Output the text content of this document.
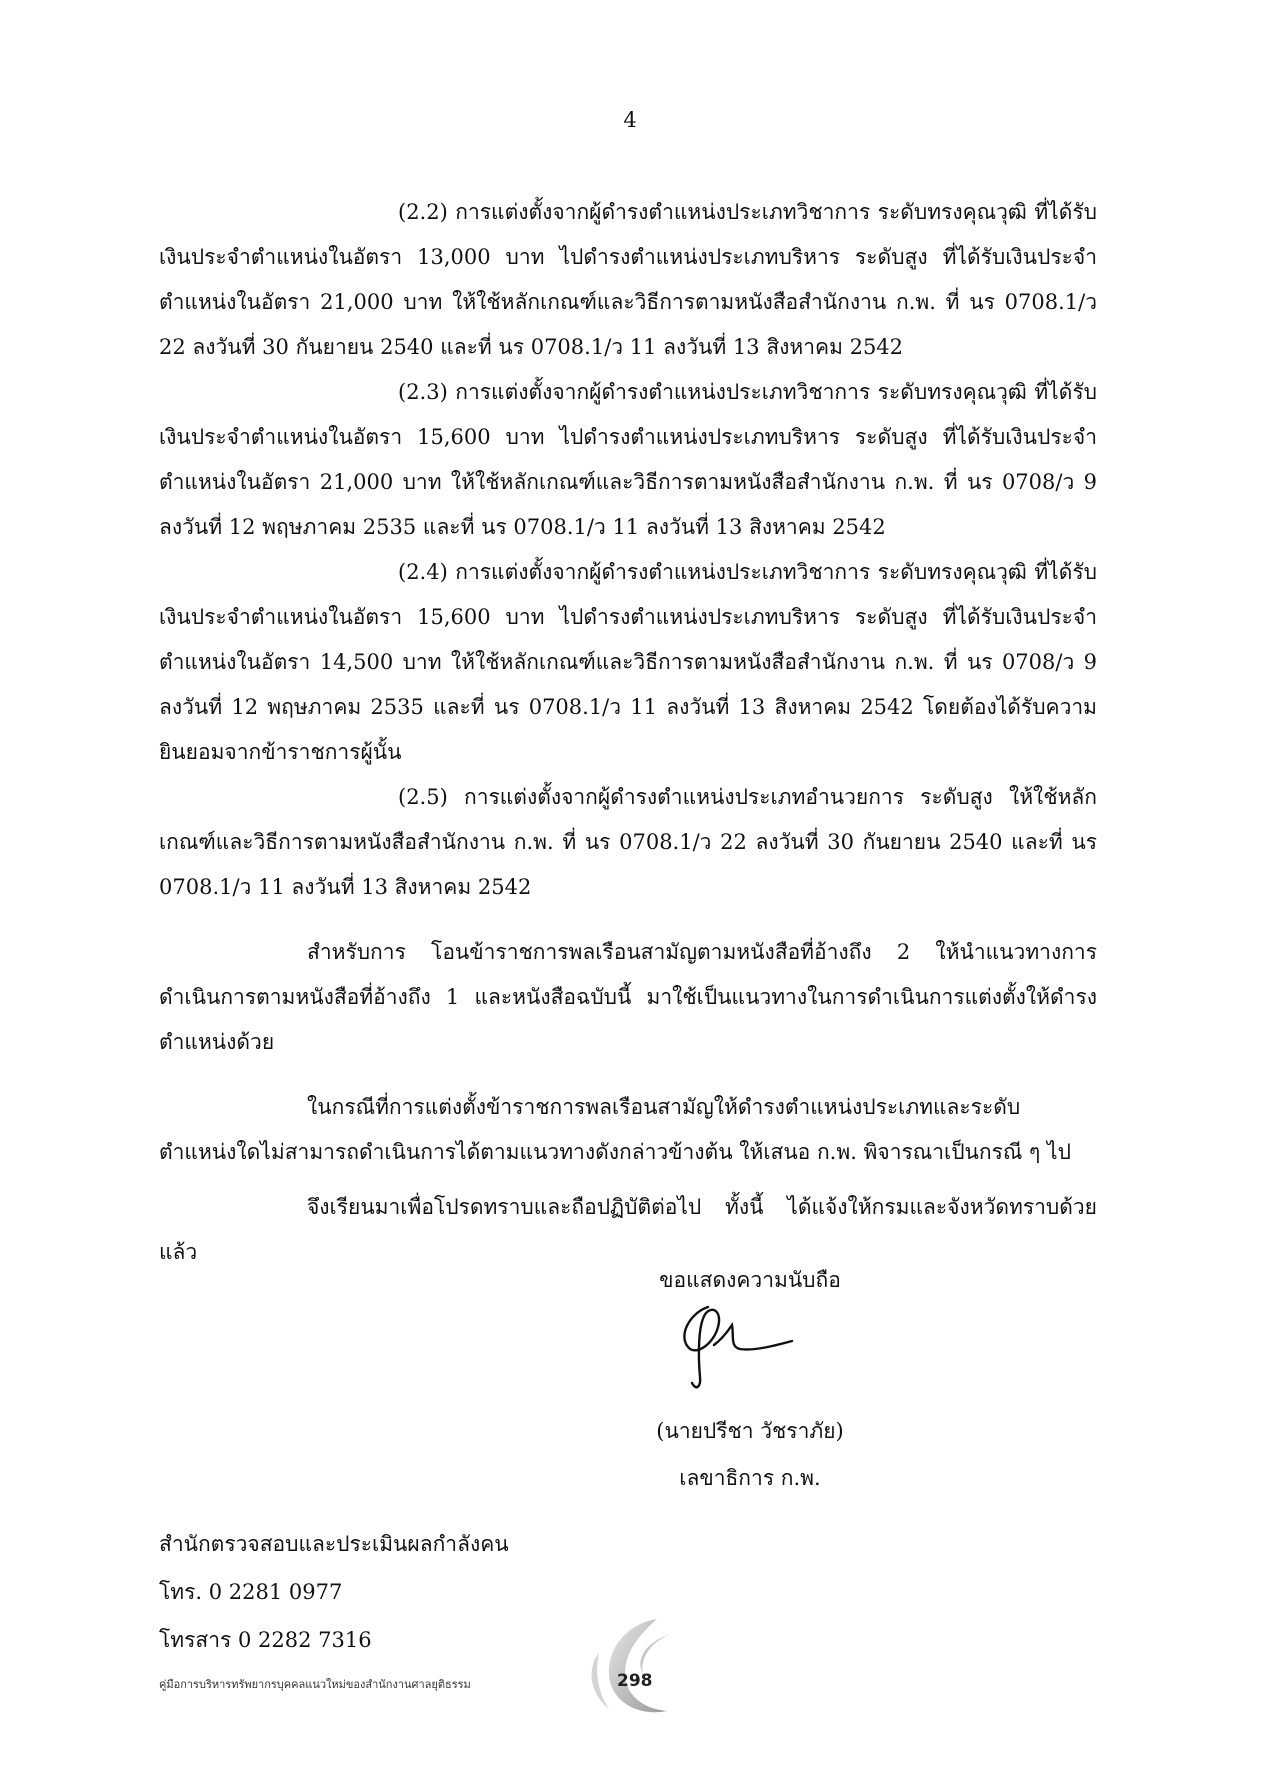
4

(2.2) การแต่งตั้งจากผู้ดำรงตำแหน่งประเภทวิชาการ ระดับทรงคุณวุฒิ ที่ได้รับเงินประจำตำแหน่งในอัตรา 13,000 บาท ไปดำรงตำแหน่งประเภทบริหาร ระดับสูง ที่ได้รับเงินประจำตำแหน่งในอัตรา 21,000 บาท ให้ใช้หลักเกณฑ์และวิธีการตามหนังสือสำนักงาน ก.พ. ที่ นร 0708.1/ว 22 ลงวันที่ 30 กันยายน 2540 และที่ นร 0708.1/ว 11 ลงวันที่ 13 สิงหาคม 2542

(2.3) การแต่งตั้งจากผู้ดำรงตำแหน่งประเภทวิชาการ ระดับทรงคุณวุฒิ ที่ได้รับเงินประจำตำแหน่งในอัตรา 15,600 บาท ไปดำรงตำแหน่งประเภทบริหาร ระดับสูง ที่ได้รับเงินประจำตำแหน่งในอัตรา 21,000 บาท ให้ใช้หลักเกณฑ์และวิธีการตามหนังสือสำนักงาน ก.พ. ที่ นร 0708/ว 9 ลงวันที่ 12 พฤษภาคม 2535 และที่ นร 0708.1/ว 11 ลงวันที่ 13 สิงหาคม 2542

(2.4) การแต่งตั้งจากผู้ดำรงตำแหน่งประเภทวิชาการ ระดับทรงคุณวุฒิ ที่ได้รับเงินประจำตำแหน่งในอัตรา 15,600 บาท ไปดำรงตำแหน่งประเภทบริหาร ระดับสูง ที่ได้รับเงินประจำตำแหน่งในอัตรา 14,500 บาท ให้ใช้หลักเกณฑ์และวิธีการตามหนังสือสำนักงาน ก.พ. ที่ นร 0708/ว 9 ลงวันที่ 12 พฤษภาคม 2535 และที่ นร 0708.1/ว 11 ลงวันที่ 13 สิงหาคม 2542 โดยต้องได้รับความยินยอมจากข้าราชการผู้นั้น

(2.5) การแต่งตั้งจากผู้ดำรงตำแหน่งประเภทอำนวยการ ระดับสูง ให้ใช้หลักเกณฑ์และวิธีการตามหนังสือสำนักงาน ก.พ. ที่ นร 0708.1/ว 22 ลงวันที่ 30 กันยายน 2540 และที่ นร 0708.1/ว 11 ลงวันที่ 13 สิงหาคม 2542

สำหรับการ โอนข้าราชการพลเรือนสามัญตามหนังสือที่อ้างถึง 2 ให้นำแนวทางการดำเนินการตามหนังสือที่อ้างถึง 1 และหนังสือฉบับนี้ มาใช้เป็นแนวทางในการดำเนินการแต่งตั้งให้ดำรงตำแหน่งด้วย

ในกรณีที่การแต่งตั้งข้าราชการพลเรือนสามัญให้ดำรงตำแหน่งประเภทและระดับตำแหน่งใดไม่สามารถดำเนินการได้ตามแนวทางดังกล่าวข้างต้น ให้เสนอ ก.พ. พิจารณาเป็นกรณี ๆ ไป

จึงเรียนมาเพื่อโปรดทราบและถือปฏิบัติต่อไป ทั้งนี้ ได้แจ้งให้กรมและจังหวัดทราบด้วยแล้ว

ขอแสดงความนับถือ
(นายปรีชา วัชราภัย)
เลขาธิการ ก.พ.
สำนักตรวจสอบและประเมินผลกำลังคน
โทร. 0 2281 0977
โทรสาร 0 2282 7316
คู่มือการบริหารทรัพยากรบุคคลแนวใหม่ของสำนักงานศาลยุติธรรม	298
